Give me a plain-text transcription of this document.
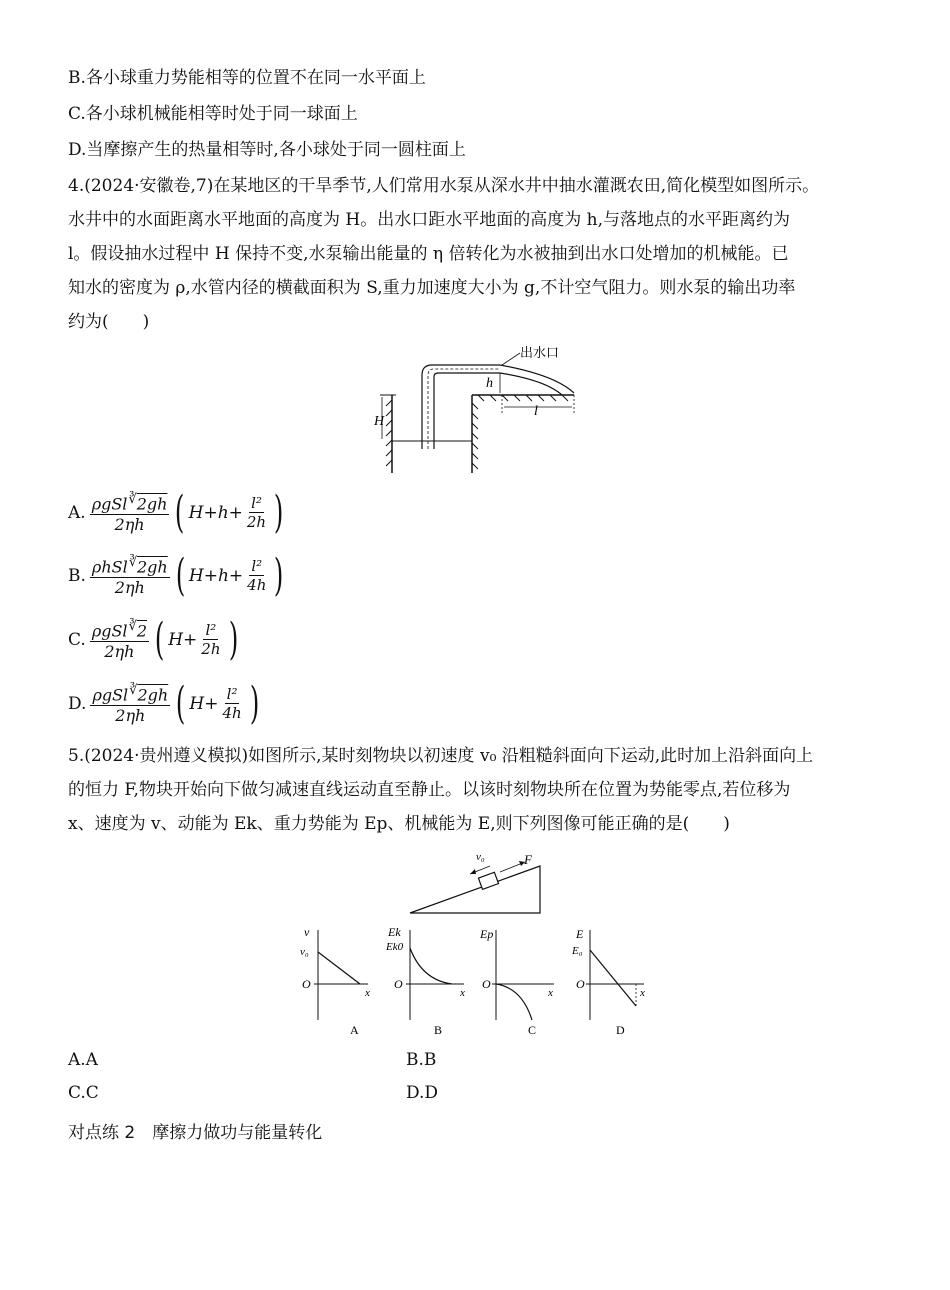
B.各小球重力势能相等的位置不在同一水平面上
C.各小球机械能相等时处于同一球面上
D.当摩擦产生的热量相等时,各小球处于同一圆柱面上
4.(2024·安徽卷,7)在某地区的干旱季节,人们常用水泵从深水井中抽水灌溉农田,简化模型如图所示。
水井中的水面距离水平地面的高度为 H。出水口距水平地面的高度为 h,与落地点的水平距离约为
l。假设抽水过程中 H 保持不变,水泵输出能量的 η 倍转化为水被抽到出水口处增加的机械能。已
知水的密度为 ρ,水管内径的横截面积为 S,重力加速度大小为 g,不计空气阻力。则水泵的输出功率
约为(　　)
出水口
H
h
l
A. $\frac{\rho gSl^∛2gh}{2\eta h}$ ( $H+h+ \frac{\text{l²}}{2h}$ )
B. $\frac{\rho hSl^∛2gh}{2\eta h}$ ( $H+h+ \frac{\text{l²}}{4h}$ )
C. $\frac{\rho gSl^∛2}{2\eta h}$ ( $H+ \frac{\text{l²}}{2h}$ )
D. $\frac{\rho gSl^∛2gh}{2\eta h}$ ( $H+ \frac{\text{l²}}{4h}$ )
5.(2024·贵州遵义模拟)如图所示,某时刻物块以初速度 v₀ 沿粗糙斜面向下运动,此时加上沿斜面向上
的恒力 F,物块开始向下做匀减速直线运动直至静止。以该时刻物块所在位置为势能零点,若位移为
x、速度为 v、动能为 Ek、重力势能为 Ep、机械能为 E,则下列图像可能正确的是(　　)
v₀	F
v
v₀
O
x
A
Ek
Ek0
O
x
B
Ep
O
x
C
E
E₀
O
x
D
A.A	B.B
C.C	D.D
对点练 2　摩擦力做功与能量转化
